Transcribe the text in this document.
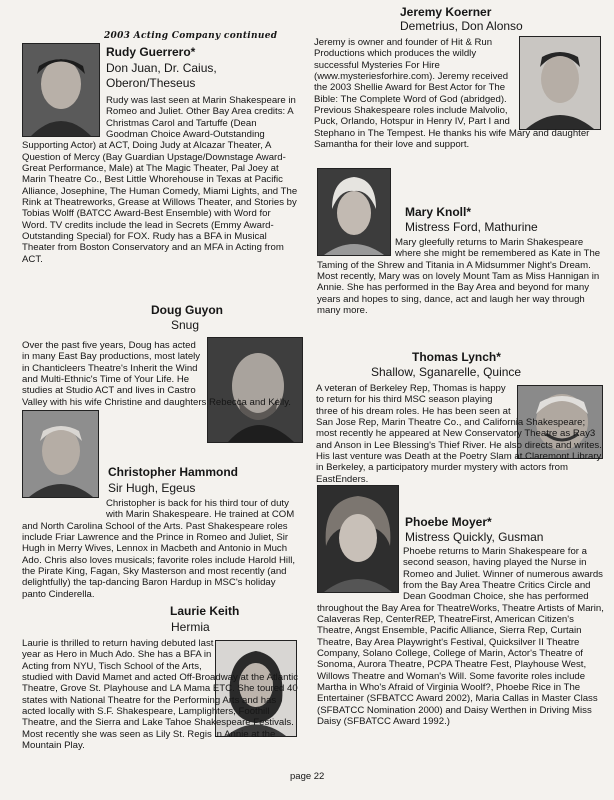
2003 Acting Company continued
Rudy Guerrero*
Don Juan, Dr. Caius, Oberon/Theseus
Rudy was last seen at Marin Shakespeare in Romeo and Juliet. Other Bay Area credits: A Christmas Carol and Tartuffe (Dean Goodman Choice Award-Outstanding Supporting Actor) at ACT, Doing Judy at Alcazar Theater, A Question of Mercy (Bay Guardian Upstage/Downstage Award-Great Performance, Male) at The Magic Theater, Pal Joey at Marin Theatre Co., Best Little Whorehouse in Texas at Pacific Alliance, Josephine, The Human Comedy, Miami Lights, and The Rink at Theatreworks, Grease at Willows Theater, and Stories by Tobias Wolff (BATCC Award-Best Ensemble) with Word for Word. TV credits include the lead in Secrets (Emmy Award-Outstanding Special) for FOX. Rudy has a BFA in Musical Theater from Boston Conservatory and an MFA in Acting from ACT.
Doug Guyon
Snug
Over the past five years, Doug has acted in many East Bay productions, most lately in Chanticleers Theatre's Inherit the Wind and Multi-Ethnic's Time of Your Life. He studies at Studio ACT and lives in Castro Valley with his wife Christine and daughters Rebecca and Kelly.
Christopher Hammond
Sir Hugh, Egeus
Christopher is back for his third tour of duty with Marin Shakespeare. He trained at COM and North Carolina School of the Arts. Past Shakespeare roles include Friar Lawrence and the Prince in Romeo and Juliet, Sir Hugh in Merry Wives, Lennox in Macbeth and Antonio in Much Ado. Chris also loves musicals; favorite roles include Harold Hill, the Pirate King, Fagan, Sky Masterson and most recently (and delightfully) the tap-dancing Baron Hardup in MSC's holiday panto Cinderella.
Laurie Keith
Hermia
Laurie is thrilled to return having debuted last year as Hero in Much Ado. She has a BFA in Acting from NYU, Tisch School of the Arts, studied with David Mamet and acted Off-Broadway at the Atlantic Theatre, Grove St. Playhouse and LA Mama ETC. She toured 40 states with National Theatre for the Performing Arts and has acted locally with S.F. Shakespeare, Lamplighters, Foothill Theatre, and the Sierra and Lake Tahoe Shakespeare Festivals. Most recently she was seen as Lily St. Regis in Annie at the Mountain Play.
Jeremy Koerner
Demetrius, Don Alonso
Jeremy is owner and founder of Hit & Run Productions which produces the wildly successful Mysteries For Hire (www.mysteriesforhire.com). Jeremy received the 2003 Shellie Award for Best Actor for The Bible: The Complete Word of God (abridged). Previous Shakespeare roles include Malvolio, Puck, Orlando, Hotspur in Henry IV, Part I and Stephano in The Tempest. He thanks his wife Mary and daughter Samantha for their love and support.
Mary Knoll*
Mistress Ford, Mathurine
Mary gleefully returns to Marin Shakespeare where she might be remembered as Kate in The Taming of the Shrew and Titania in A Midsummer Night's Dream. Most recently, Mary was on lovely Mount Tam as Miss Hannigan in Annie. She has performed in the Bay Area and beyond for many years and hopes to sing, dance, act and laugh her way through many more.
Thomas Lynch*
Shallow, Sganarelle, Quince
A veteran of Berkeley Rep, Thomas is happy to return for his third MSC season playing three of his dream roles. He has been seen at San Jose Rep, Marin Theatre Co., and California Shakespeare; most recently he appeared at New Conservatory Theatre as Ray3 and Anson in Lee Blessing's Thief River. He also directs and writes. His last venture was Death at the Poetry Slam at Claremont Library in Berkeley, a participatory murder mystery with actors from EastEnders.
Phoebe Moyer*
Mistress Quickly, Gusman
Phoebe returns to Marin Shakespeare for a second season, having played the Nurse in Romeo and Juliet. Winner of numerous awards from the Bay Area Theatre Critics Circle and Dean Goodman Choice, she has performed throughout the Bay Area for TheatreWorks, Theatre Artists of Marin, Calaveras Rep, CenterREP, TheatreFirst, American Citizen's Theatre, Angst Ensemble, Pacific Alliance, Sierra Rep, Curtain Theatre, Bay Area Playwright's Festival, Quicksilver II Theatre Company, Solano College, College of Marin, Actor's Theatre of Sonoma, Aurora Theatre, PCPA Theatre Fest, Playhouse West, Willows Theatre and Woman's Will. Some favorite roles include Martha in Who's Afraid of Virginia Woolf?, Phoebe Rice in The Entertainer (SFBATCC Award 2002), Maria Callas in Master Class (SFBATCC Nomination 2000) and Daisy Werthen in Driving Miss Daisy (SFBATCC Award 1992.)
page 22
